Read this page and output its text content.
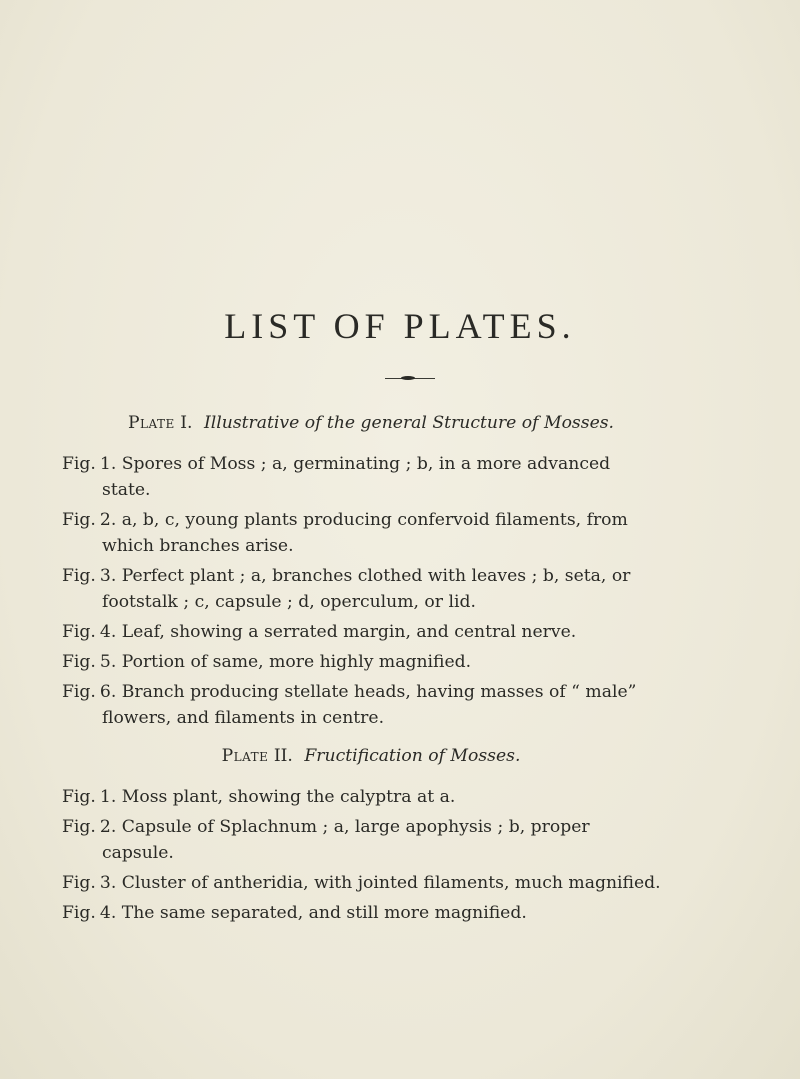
LIST OF PLATES.
Plate I. Illustrative of the general Structure of Mosses.

Fig. 1. Spores of Moss ; a, germinating ; b, in a more advanced state.

Fig. 2. a, b, c, young plants producing confervoid filaments, from which branches arise.

Fig. 3. Perfect plant ; a, branches clothed with leaves ; b, seta, or footstalk ; c, capsule ; d, operculum, or lid.

Fig. 4. Leaf, showing a serrated margin, and central nerve.

Fig. 5. Portion of same, more highly magnified.

Fig. 6. Branch producing stellate heads, having masses of “ male” flowers, and filaments in centre.

Plate II. Fructification of Mosses.

Fig. 1. Moss plant, showing the calyptra at a.

Fig. 2. Capsule of Splachnum ; a, large apophysis ; b, proper capsule.

Fig. 3. Cluster of antheridia, with jointed filaments, much magnified.

Fig. 4. The same separated, and still more magnified.
